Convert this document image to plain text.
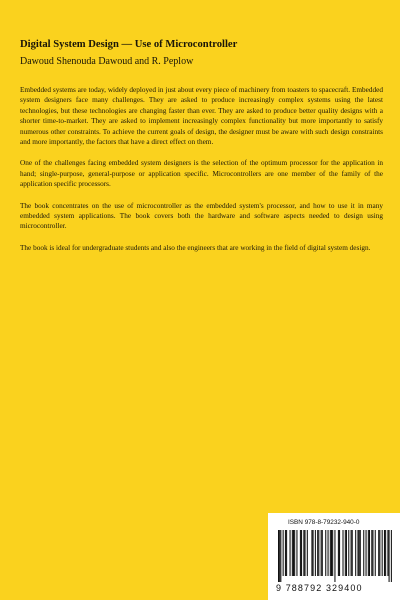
Digital System Design — Use of Microcontroller
Dawoud Shenouda Dawoud and R. Peplow

Embedded systems are today, widely deployed in just about every piece of machinery from toasters to spacecraft. Embedded system designers face many challenges. They are asked to produce increasingly complex systems using the latest technologies, but these technologies are changing faster than ever. They are asked to produce better quality designs with a shorter time-to-market. They are asked to implement increasingly complex functionality but more importantly to satisfy numerous other constraints. To achieve the current goals of design, the designer must be aware with such design constraints and more importantly, the factors that have a direct effect on them.

One of the challenges facing embedded system designers is the selection of the optimum processor for the application in hand; single-purpose, general-purpose or application specific. Microcontrollers are one member of the family of the application specific processors.

The book concentrates on the use of microcontroller as the embedded system's processor, and how to use it in many embedded system applications. The book covers both the hardware and software aspects needed to design using microcontroller.

The book is ideal for undergraduate students and also the engineers that are working in the field of digital system design.

ISBN 978-8-79232-940-0
9 788792 329400
